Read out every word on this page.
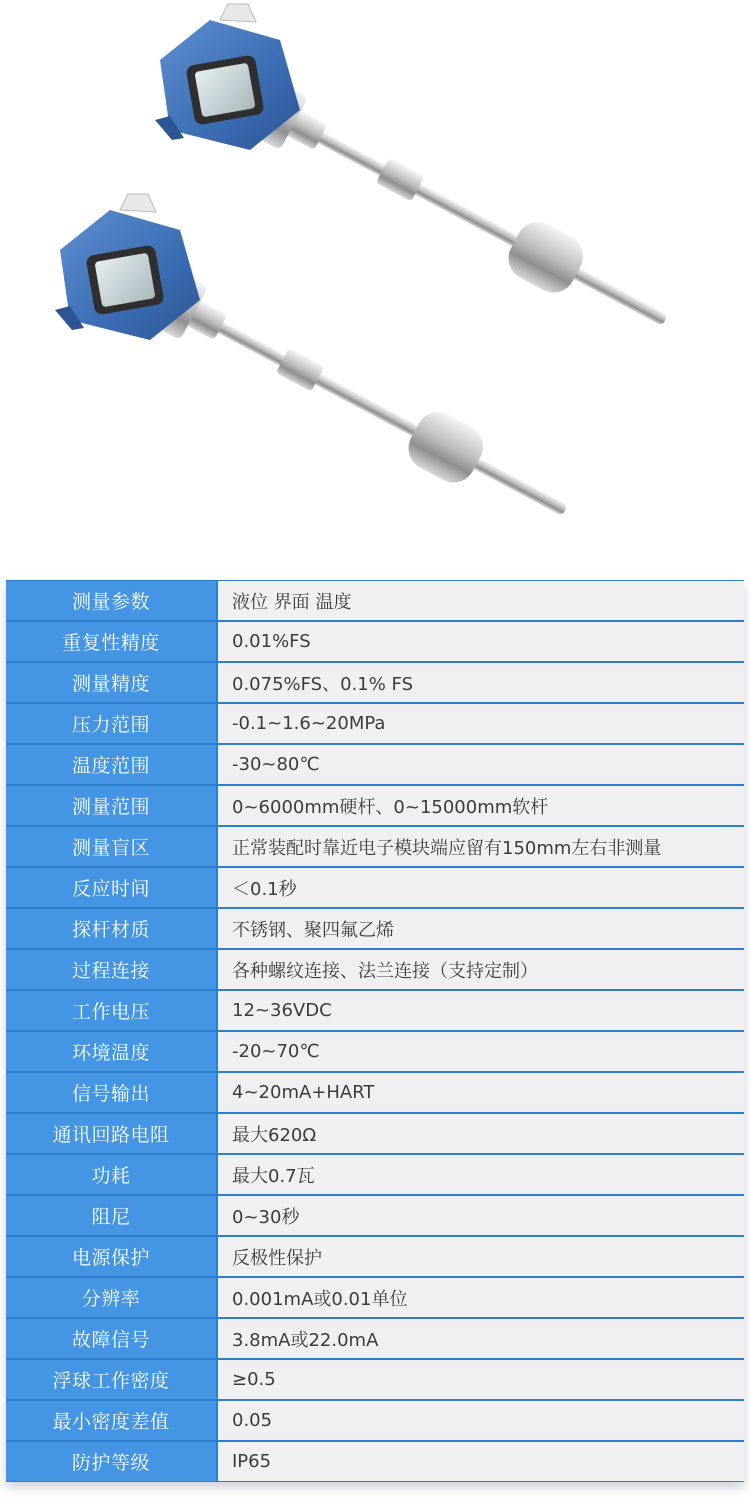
测量参数	液位 界面 温度
重复性精度	0.01%FS
测量精度	0.075%FS、0.1% FS
压力范围	-0.1~1.6~20MPa
温度范围	-30~80℃
测量范围	0~6000mm硬杆、0~15000mm软杆
测量盲区	正常装配时靠近电子模块端应留有150mm左右非测量
反应时间	＜0.1秒
探杆材质	不锈钢、聚四氟乙烯
过程连接	各种螺纹连接、法兰连接（支持定制）
工作电压	12~36VDC
环境温度	-20~70℃
信号输出	4~20mA+HART
通讯回路电阻	最大620Ω
功耗	最大0.7瓦
阻尼	0~30秒
电源保护	反极性保护
分辨率	0.001mA或0.01单位
故障信号	3.8mA或22.0mA
浮球工作密度	≥0.5
最小密度差值	0.05
防护等级	IP65
